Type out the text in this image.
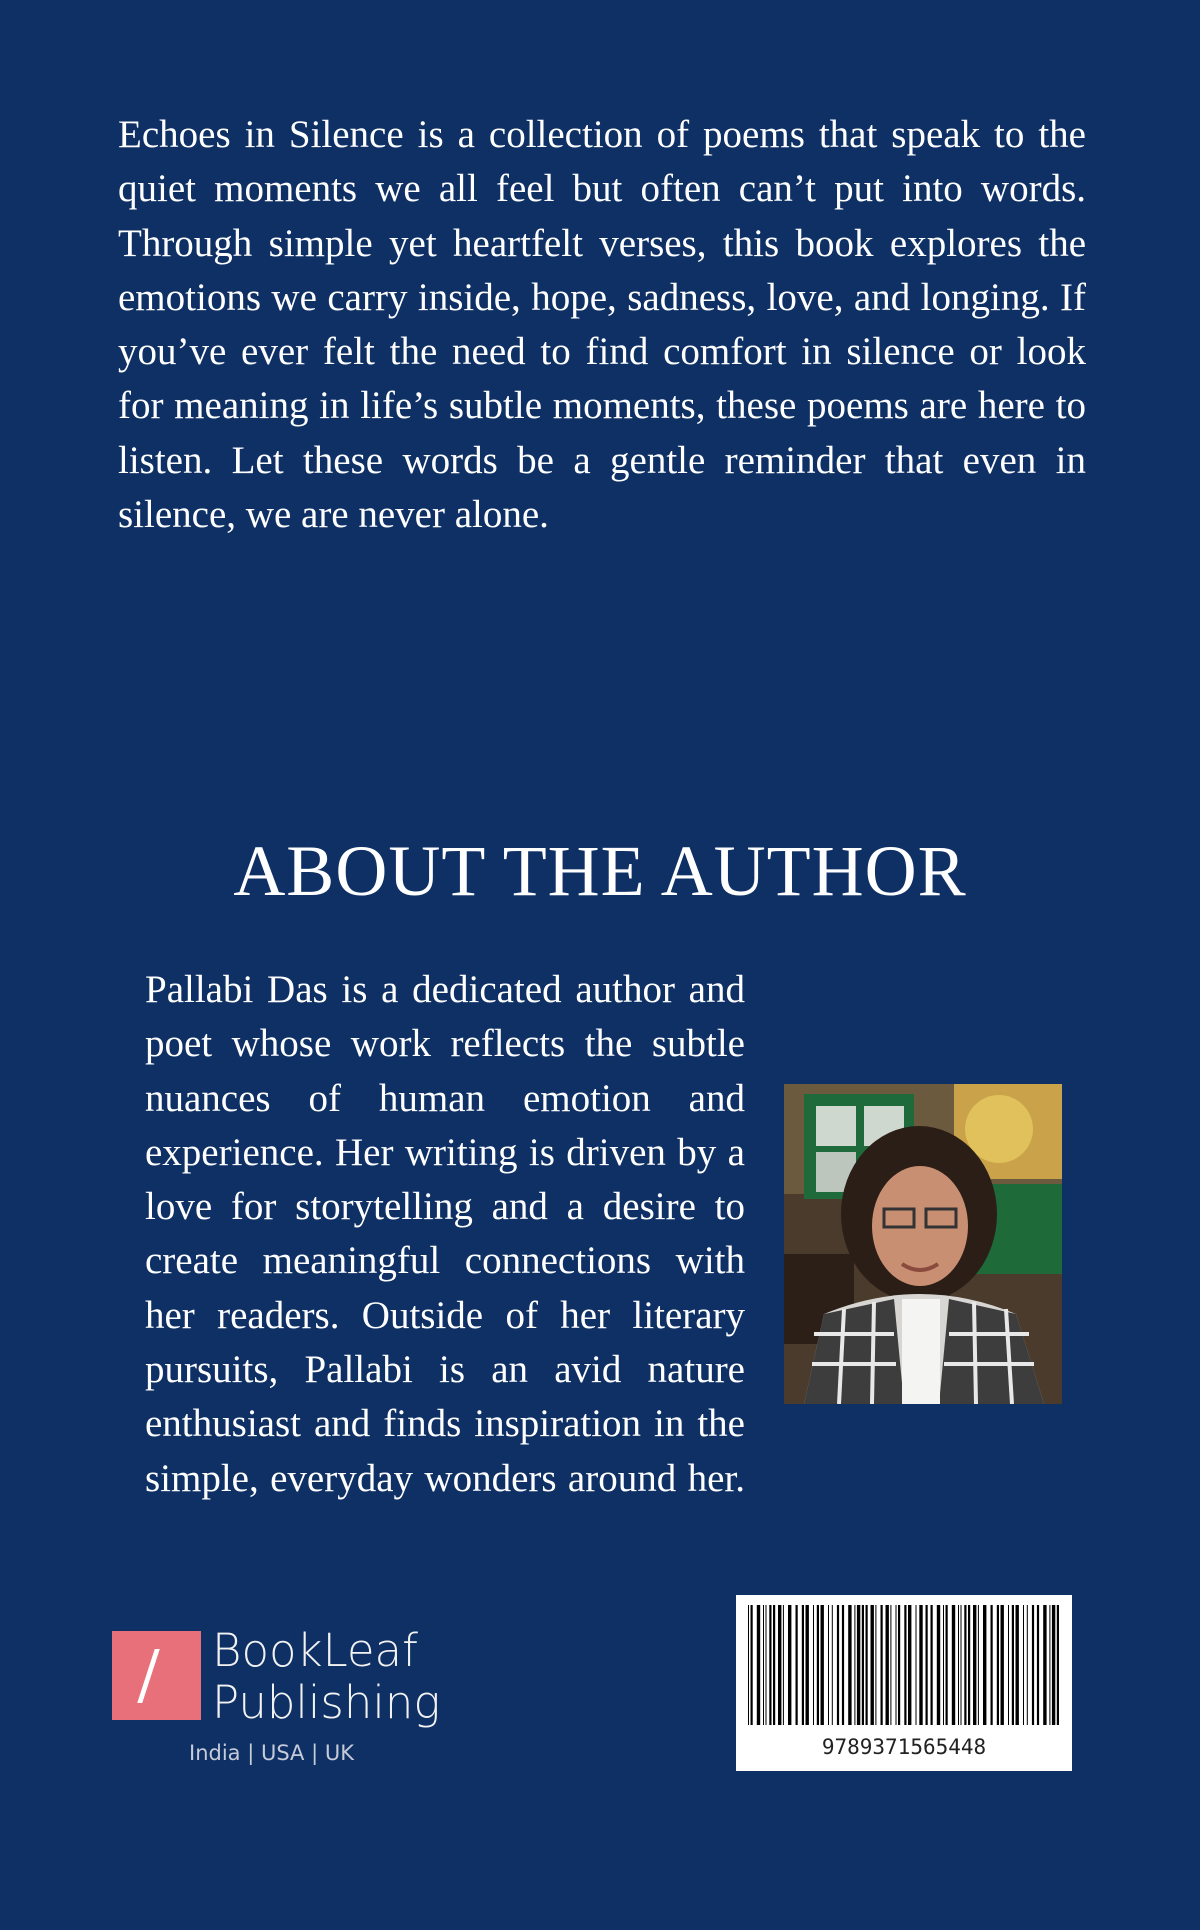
Echoes in Silence is a collection of poems that speak to the quiet moments we all feel but often can’t put into words. Through simple yet heartfelt verses, this book explores the emotions we carry inside, hope, sadness, love, and longing. If you’ve ever felt the need to find comfort in silence or look for meaning in life’s subtle moments, these poems are here to listen. Let these words be a gentle reminder that even in silence, we are never alone.

ABOUT THE AUTHOR

Pallabi Das is a dedicated author and poet whose work reflects the subtle nuances of human emotion and experience. Her writing is driven by a love for storytelling and a desire to create meaningful connections with her readers. Outside of her literary pursuits, Pallabi is an avid nature enthusiast and finds inspiration in the simple, everyday wonders around her.

BookLeaf
Publishing
India | USA | UK	9789371565448
